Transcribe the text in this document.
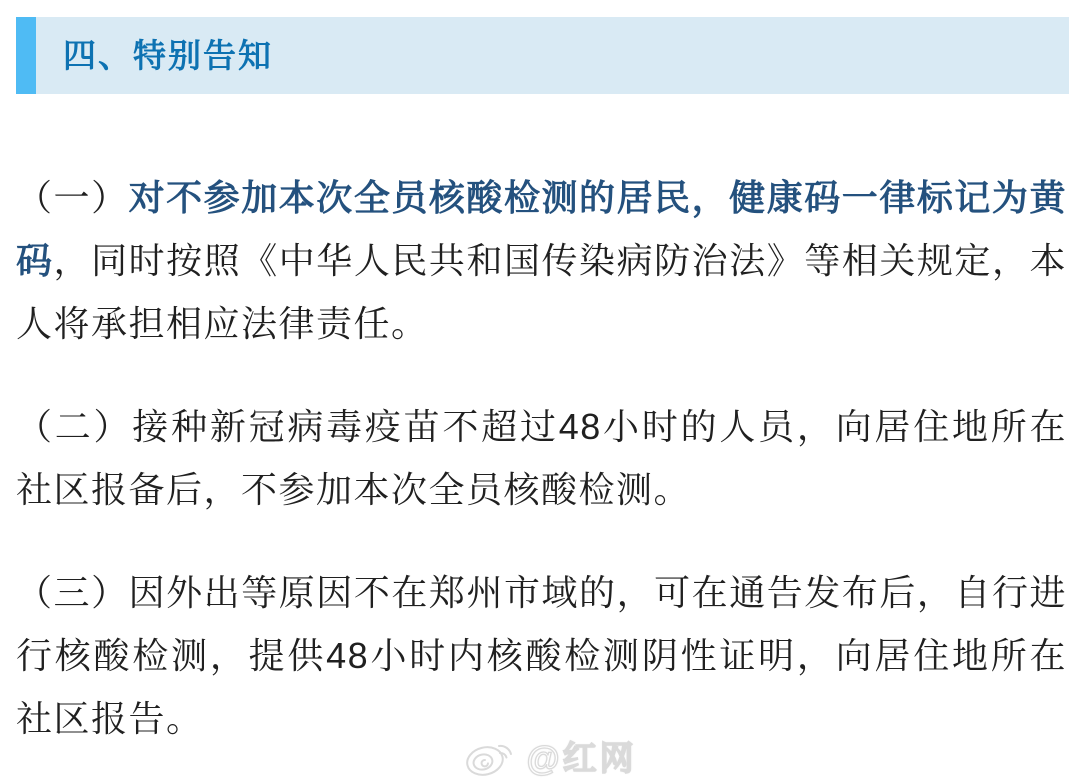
四、特别告知

（一）对不参加本次全员核酸检测的居民，健康码一律标记为黄码，同时按照《中华人民共和国传染病防治法》等相关规定，本人将承担相应法律责任。

（二）接种新冠病毒疫苗不超过48小时的人员，向居住地所在社区报备后，不参加本次全员核酸检测。

（三）因外出等原因不在郑州市域的，可在通告发布后，自行进行核酸检测，提供48小时内核酸检测阴性证明，向居住地所在社区报告。

@红网
